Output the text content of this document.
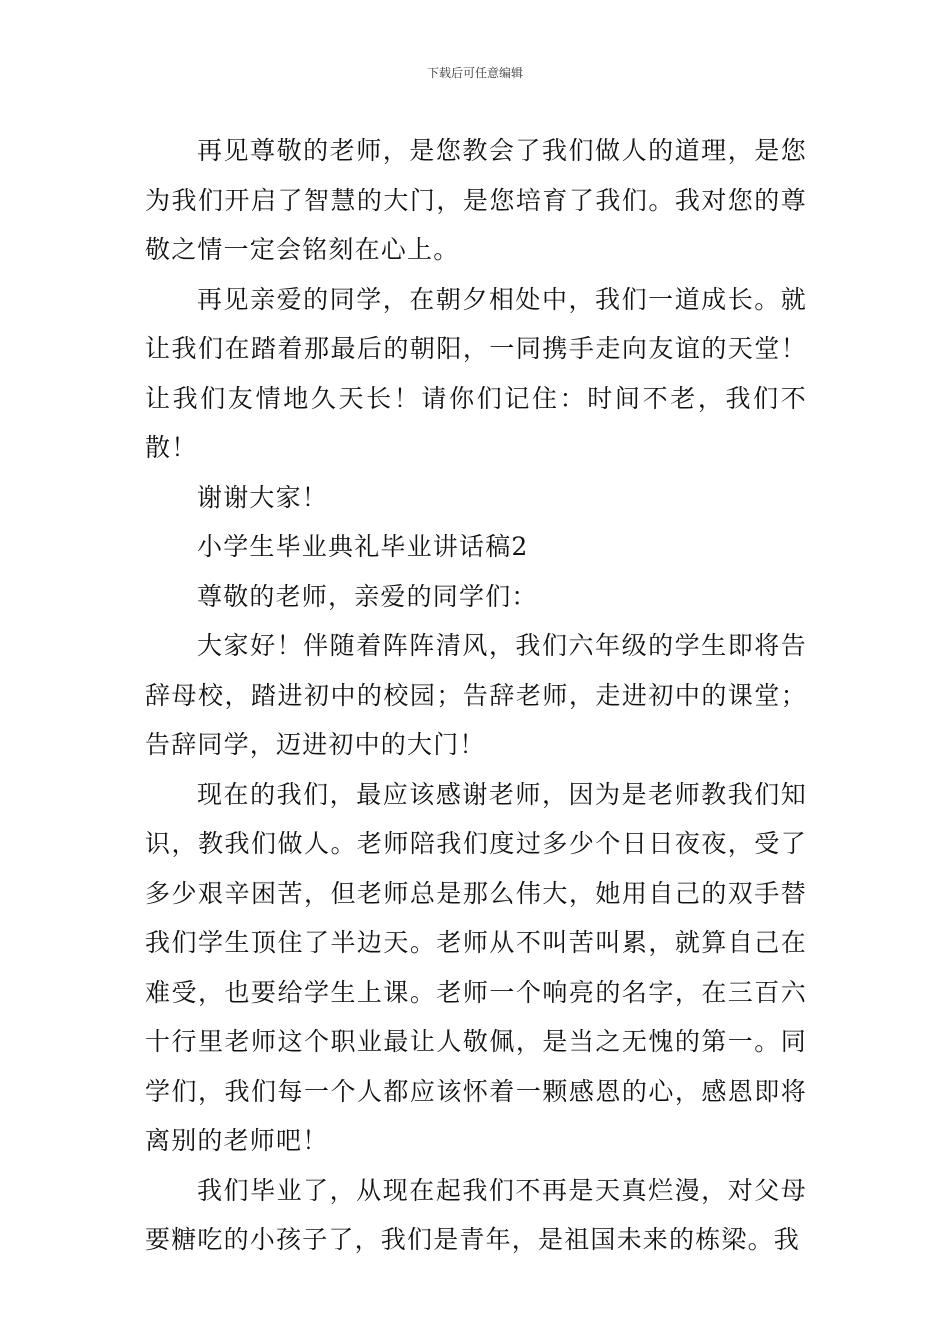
下载后可任意编辑

再见尊敬的老师，是您教会了我们做人的道理，是您为我们开启了智慧的大门，是您培育了我们。我对您的尊敬之情一定会铭刻在心上。

再见亲爱的同学，在朝夕相处中，我们一道成长。就让我们在踏着那最后的朝阳，一同携手走向友谊的天堂！让我们友情地久天长！请你们记住：时间不老，我们不散！

谢谢大家！

小学生毕业典礼毕业讲话稿2

尊敬的老师，亲爱的同学们：

大家好！伴随着阵阵清风，我们六年级的学生即将告辞母校，踏进初中的校园；告辞老师，走进初中的课堂；告辞同学，迈进初中的大门！

现在的我们，最应该感谢老师，因为是老师教我们知识，教我们做人。老师陪我们度过多少个日日夜夜，受了多少艰辛困苦，但老师总是那么伟大，她用自己的双手替我们学生顶住了半边天。老师从不叫苦叫累，就算自己在难受，也要给学生上课。老师一个响亮的名字，在三百六十行里老师这个职业最让人敬佩，是当之无愧的第一。同学们，我们每一个人都应该怀着一颗感恩的心，感恩即将离别的老师吧！

我们毕业了，从现在起我们不再是天真烂漫，对父母要糖吃的小孩子了，我们是青年，是祖国未来的栋梁。我
